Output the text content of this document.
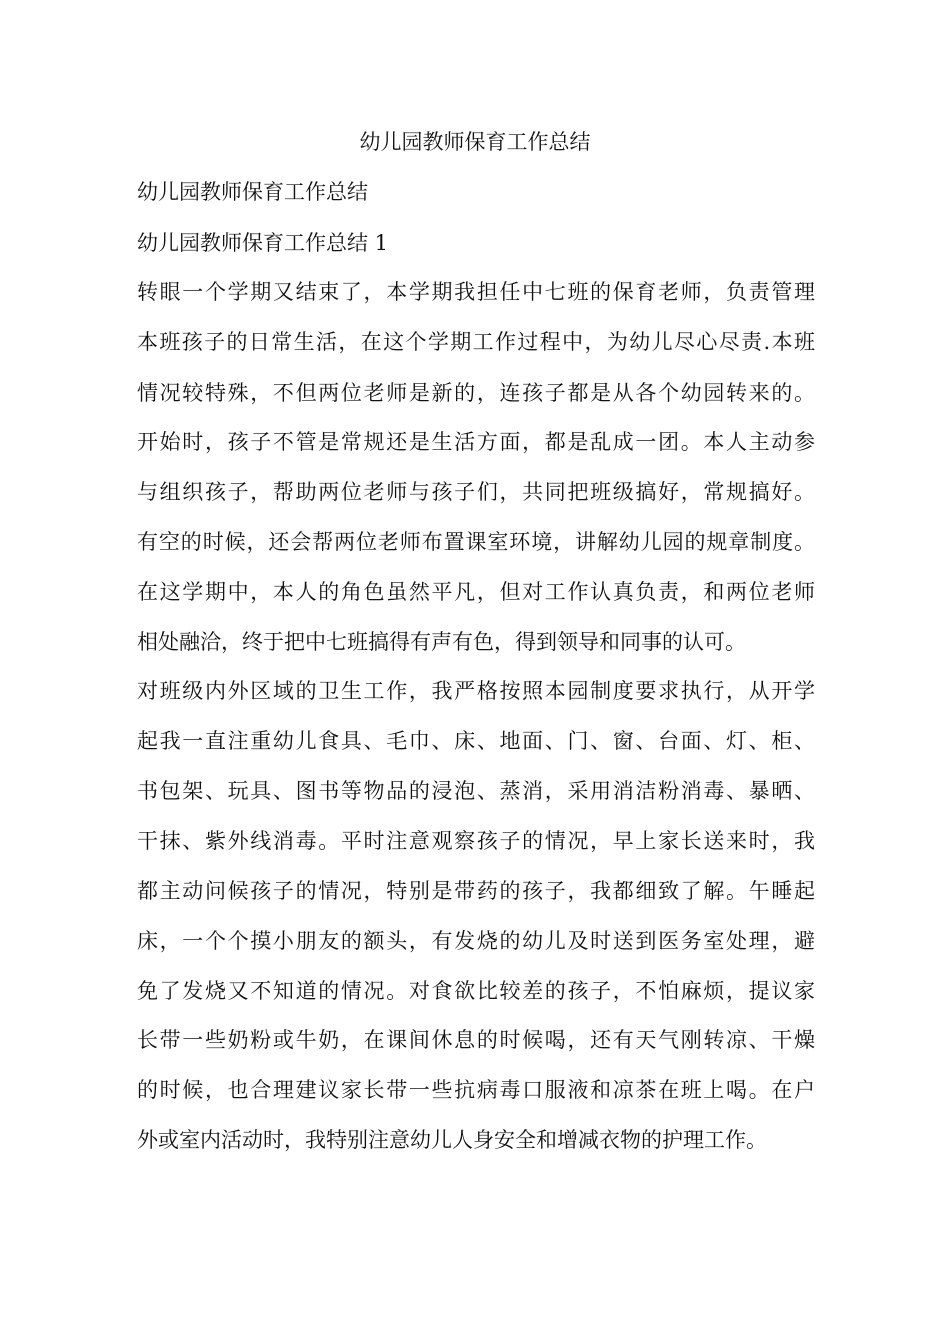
幼儿园教师保育工作总结
幼儿园教师保育工作总结
幼儿园教师保育工作总结 1
转眼一个学期又结束了，本学期我担任中七班的保育老师，负责管理
本班孩子的日常生活，在这个学期工作过程中，为幼儿尽心尽责.本班
情况较特殊，不但两位老师是新的，连孩子都是从各个幼园转来的。
开始时，孩子不管是常规还是生活方面，都是乱成一团。本人主动参
与组织孩子，帮助两位老师与孩子们，共同把班级搞好，常规搞好。
有空的时候，还会帮两位老师布置课室环境，讲解幼儿园的规章制度。
在这学期中，本人的角色虽然平凡，但对工作认真负责，和两位老师
相处融洽，终于把中七班搞得有声有色，得到领导和同事的认可。
对班级内外区域的卫生工作，我严格按照本园制度要求执行，从开学
起我一直注重幼儿食具、毛巾、床、地面、门、窗、台面、灯、柜、
书包架、玩具、图书等物品的浸泡、蒸消，采用消洁粉消毒、暴晒、
干抹、紫外线消毒。平时注意观察孩子的情况，早上家长送来时，我
都主动问候孩子的情况，特别是带药的孩子，我都细致了解。午睡起
床，一个个摸小朋友的额头，有发烧的幼儿及时送到医务室处理，避
免了发烧又不知道的情况。对食欲比较差的孩子，不怕麻烦，提议家
长带一些奶粉或牛奶，在课间休息的时候喝，还有天气刚转凉、干燥
的时候，也合理建议家长带一些抗病毒口服液和凉茶在班上喝。在户
外或室内活动时，我特别注意幼儿人身安全和增减衣物的护理工作。
